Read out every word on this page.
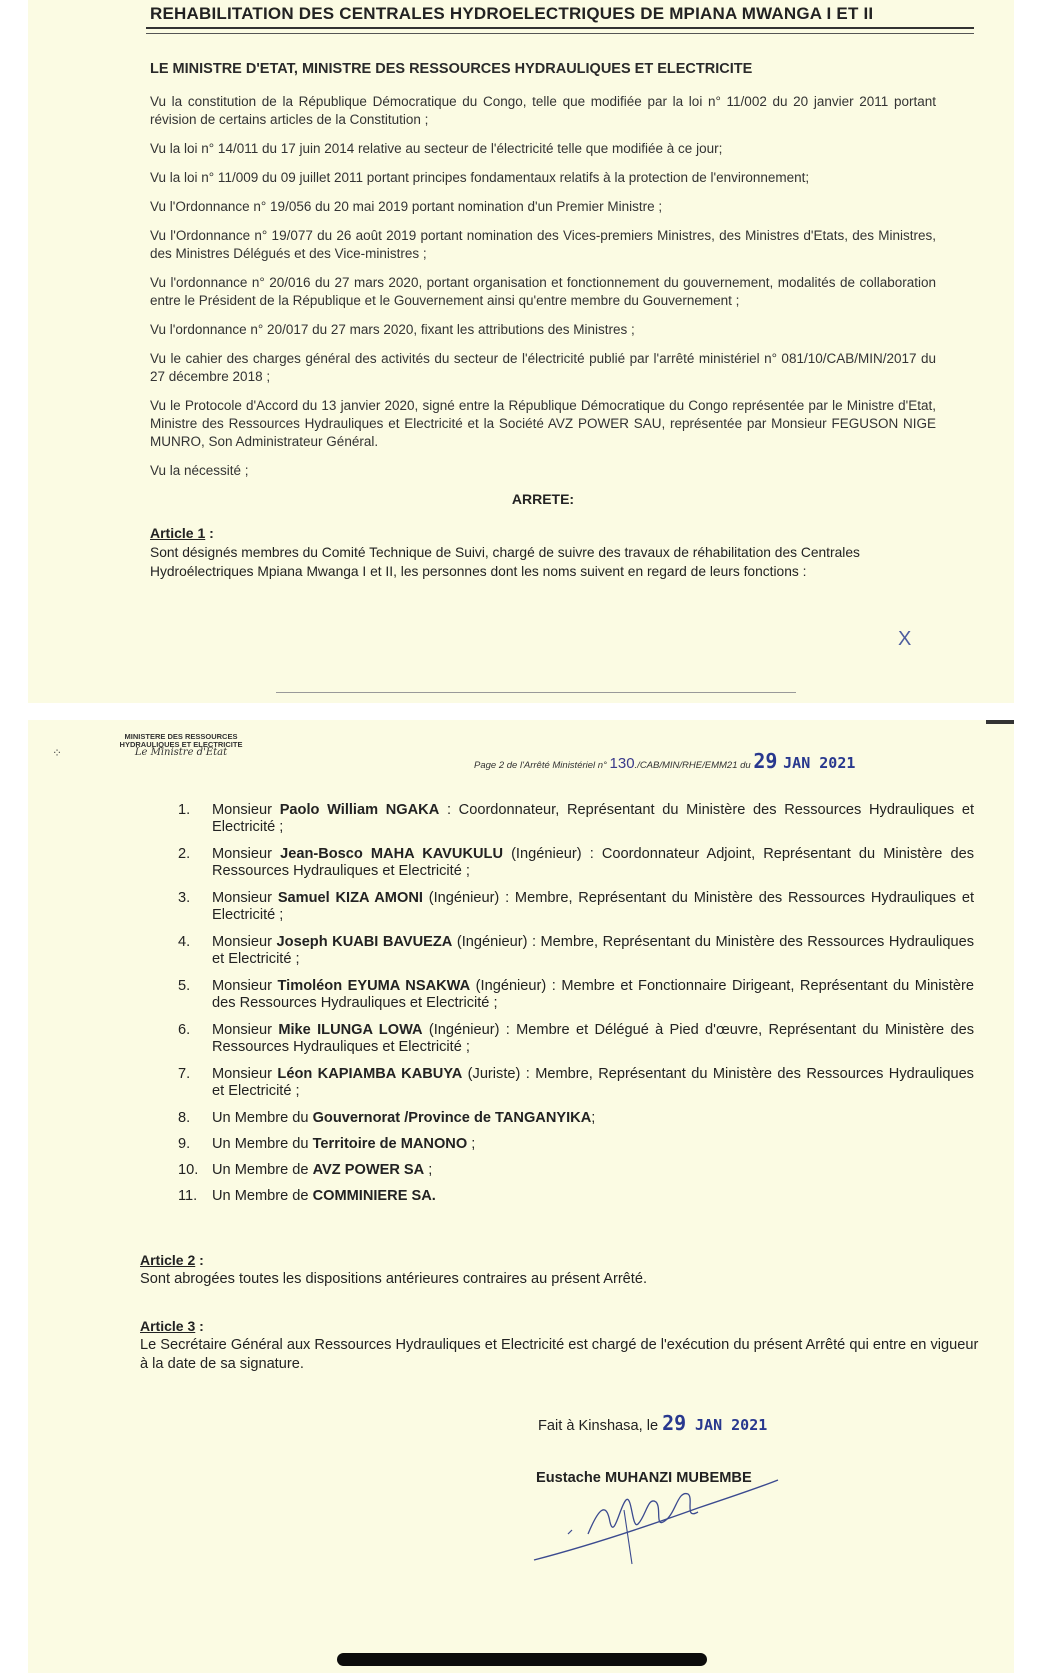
REHABILITATION DES CENTRALES HYDROELECTRIQUES DE MPIANA MWANGA I ET II
LE MINISTRE D'ETAT, MINISTRE DES RESSOURCES HYDRAULIQUES ET ELECTRICITE

Vu la constitution de la République Démocratique du Congo, telle que modifiée par la loi n° 11/002 du 20 janvier 2011 portant révision de certains articles de la Constitution ;

Vu la loi n° 14/011 du 17 juin 2014 relative au secteur de l'électricité telle que modifiée à ce jour;

Vu la loi n° 11/009 du 09 juillet 2011 portant principes fondamentaux relatifs à la protection de l'environnement;

Vu l'Ordonnance n° 19/056 du 20 mai 2019 portant nomination d'un Premier Ministre ;

Vu l'Ordonnance n° 19/077 du 26 août 2019 portant nomination des Vices-premiers Ministres, des Ministres d'Etats, des Ministres, des Ministres Délégués et des Vice-ministres ;

Vu l'ordonnance n° 20/016 du 27 mars 2020, portant organisation et fonctionnement du gouvernement, modalités de collaboration entre le Président de la République et le Gouvernement ainsi qu'entre membre du Gouvernement ;

Vu l'ordonnance n° 20/017 du 27 mars 2020, fixant les attributions des Ministres ;

Vu le cahier des charges général des activités du secteur de l'électricité publié par l'arrêté ministériel n° 081/10/CAB/MIN/2017 du 27 décembre 2018 ;

Vu le Protocole d'Accord du 13 janvier 2020, signé entre la République Démocratique du Congo représentée par le Ministre d'Etat, Ministre des Ressources Hydrauliques et Electricité et la Société AVZ POWER SAU, représentée par Monsieur FEGUSON NIGE MUNRO, Son Administrateur Général.

Vu la nécessité ;

ARRETE:
Article 1 :
Sont désignés membres du Comité Technique de Suivi, chargé de suivre des travaux de réhabilitation des Centrales Hydroélectriques Mpiana Mwanga I et II, les personnes dont les noms suivent en regard de leurs fonctions :
X
⁘
MINISTERE DES RESSOURCES
HYDRAULIQUES ET ELECTRICITE
Le Ministre d'Etat
Page 2 de l'Arrêté Ministériel n° 130./CAB/MIN/RHE/EMM21 du 29 JAN 2021
1.	Monsieur Paolo William NGAKA : Coordonnateur, Représentant du Ministère des Ressources Hydrauliques et Electricité ;
2.	Monsieur Jean-Bosco MAHA KAVUKULU (Ingénieur) : Coordonnateur Adjoint, Représentant du Ministère des Ressources Hydrauliques et Electricité ;
3.	Monsieur Samuel KIZA AMONI (Ingénieur) : Membre, Représentant du Ministère des Ressources Hydrauliques et Electricité ;
4.	Monsieur Joseph KUABI BAVUEZA (Ingénieur) : Membre, Représentant du Ministère des Ressources Hydrauliques et Electricité ;
5.	Monsieur Timoléon EYUMA NSAKWA (Ingénieur) : Membre et Fonctionnaire Dirigeant, Représentant du Ministère des Ressources Hydrauliques et Electricité ;
6.	Monsieur Mike ILUNGA LOWA (Ingénieur) : Membre et Délégué à Pied d'œuvre, Représentant du Ministère des Ressources Hydrauliques et Electricité ;
7.	Monsieur Léon KAPIAMBA KABUYA (Juriste) : Membre, Représentant du Ministère des Ressources Hydrauliques et Electricité ;
8.	Un Membre du Gouvernorat /Province de TANGANYIKA;
9.	Un Membre du Territoire de MANONO ;
10. Un Membre de AVZ POWER SA ;
11.	Un Membre de COMMINIERE SA.
Article 2 :
Sont abrogées toutes les dispositions antérieures contraires au présent Arrêté.
Article 3 :
Le Secrétaire Général aux Ressources Hydrauliques et Electricité est chargé de l'exécution du présent Arrêté qui entre en vigueur à la date de sa signature.
Fait à Kinshasa, le 29 JAN 2021
Eustache MUHANZI MUBEMBE
